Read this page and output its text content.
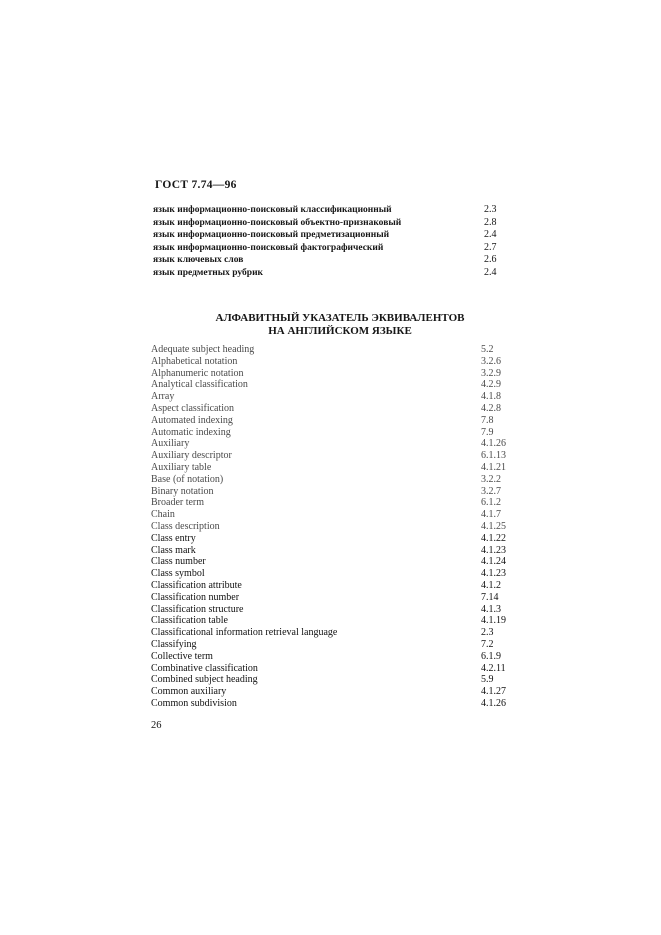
ГОСТ 7.74—96
язык информационно-поисковый классификационный	2.3
язык информационно-поисковый объектно-признаковый	2.8
язык информационно-поисковый предметизационный	2.4
язык информационно-поисковый фактографический	2.7
язык ключевых слов	2.6
язык предметных рубрик	2.4
АЛФАВИТНЫЙ УКАЗАТЕЛЬ ЭКВИВАЛЕНТОВ
НА АНГЛИЙСКОМ ЯЗЫКЕ
Adequate subject heading	5.2
Alphabetical notation	3.2.6
Alphanumeric notation	3.2.9
Analytical classification	4.2.9
Array	4.1.8
Aspect classification	4.2.8
Automated indexing	7.8
Automatic indexing	7.9
Auxiliary	4.1.26
Auxiliary descriptor	6.1.13
Auxiliary table	4.1.21
Base (of notation)	3.2.2
Binary notation	3.2.7
Broader term	6.1.2
Chain	4.1.7
Class description	4.1.25
Class entry	4.1.22
Class mark	4.1.23
Class number	4.1.24
Class symbol	4.1.23
Classification attribute	4.1.2
Classification number	7.14
Classification structure	4.1.3
Classification table	4.1.19
Classificational information retrieval language	2.3
Classifying	7.2
Collective term	6.1.9
Combinative classification	4.2.11
Combined subject heading	5.9
Common auxiliary	4.1.27
Common subdivision	4.1.26
26
